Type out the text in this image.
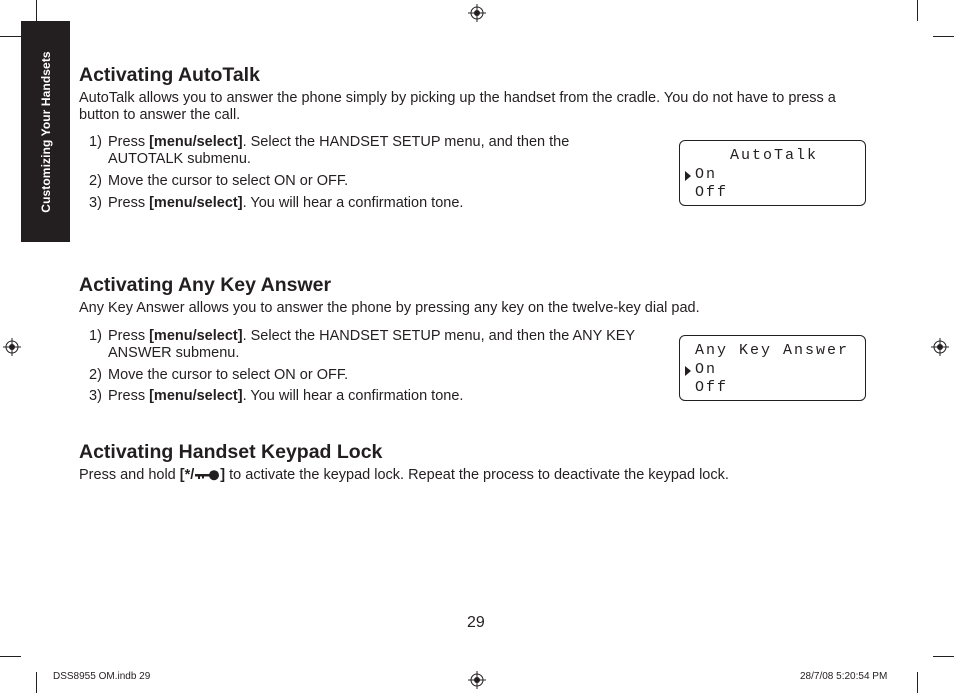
Customizing Your Handsets Activating AutoTalk

AutoTalk allows you to answer the phone simply by picking up the handset from the cradle. You do not have to press a button to answer the call.

1) Press [menu/select]. Select the HANDSET SETUP menu, and then the AUTOTALK submenu.
2) Move the cursor to select ON or OFF.
3) Press [menu/select]. You will hear a confirmation tone.
AutoTalk
On
Off
Activating Any Key Answer

Any Key Answer allows you to answer the phone by pressing any key on the twelve-key dial pad.

1) Press [menu/select]. Select the HANDSET SETUP menu, and then the ANY KEY ANSWER submenu.
2) Move the cursor to select ON or OFF.
3) Press [menu/select]. You will hear a confirmation tone.
Any Key Answer
On
Off
Activating Handset Keypad Lock

Press and hold [*/ ] to activate the keypad lock. Repeat the process to deactivate the keypad lock.

29
DSS8955 OM.indb 29	28/7/08 5:20:54 PM
